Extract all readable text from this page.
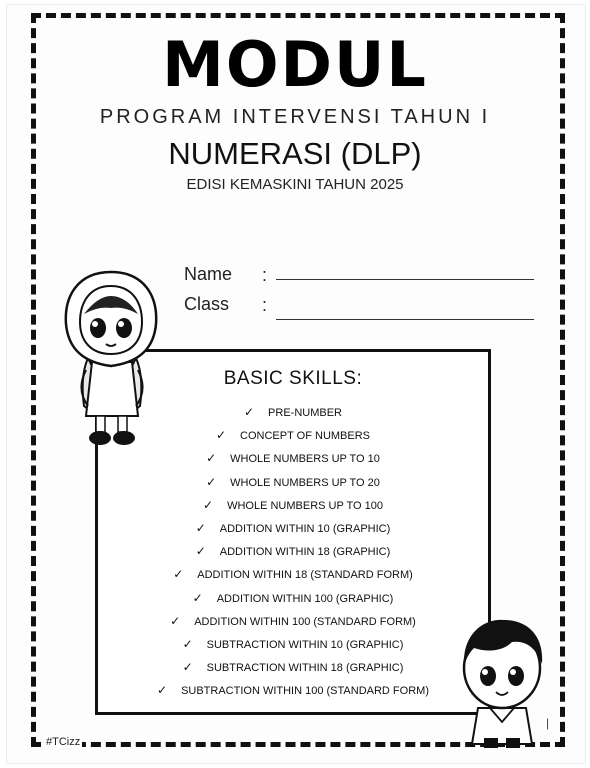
MODUL
PROGRAM INTERVENSI TAHUN I
NUMERASI (DLP)
EDISI KEMASKINI TAHUN 2025
Name :
Class :
BASIC SKILLS:
✓ PRE-NUMBER
✓ CONCEPT OF NUMBERS
✓ WHOLE NUMBERS UP TO 10
✓ WHOLE NUMBERS UP TO 20
✓ WHOLE NUMBERS UP TO 100
✓ ADDITION WITHIN 10 (GRAPHIC)
✓ ADDITION WITHIN 18 (GRAPHIC)
✓ ADDITION WITHIN 18 (STANDARD FORM)
✓ ADDITION WITHIN 100 (GRAPHIC)
✓ ADDITION WITHIN 100 (STANDARD FORM)
✓ SUBTRACTION WITHIN 10 (GRAPHIC)
✓ SUBTRACTION WITHIN 18 (GRAPHIC)
✓ SUBTRACTION WITHIN 100 (STANDARD FORM)
#TCizz
|
